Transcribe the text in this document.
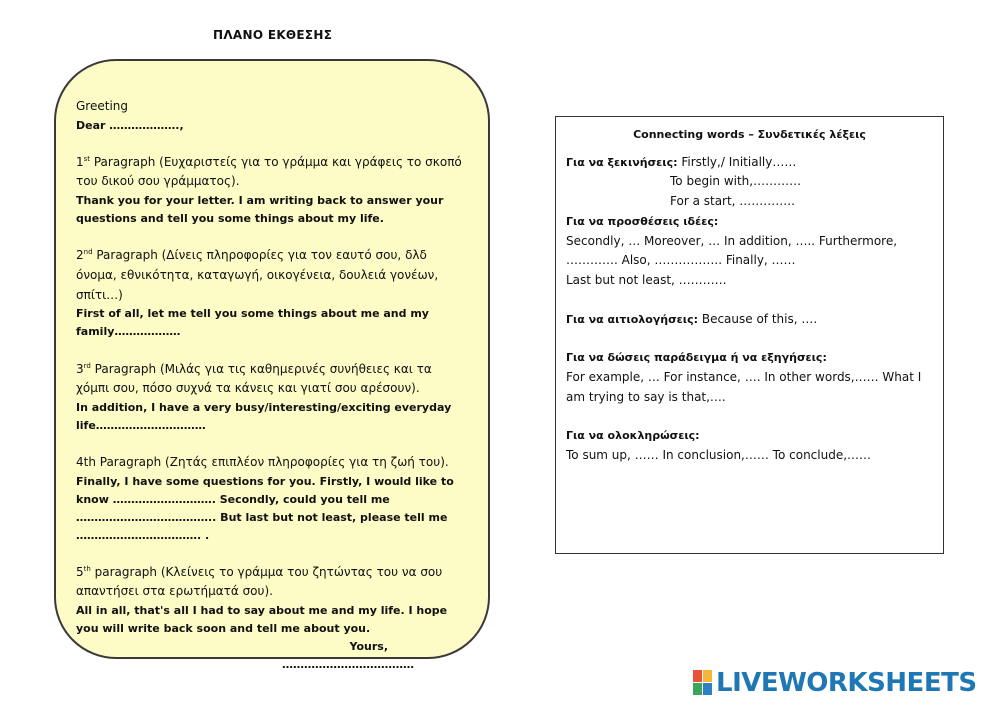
ΠΛΑΝΟ ΕΚΘΕΣΗΣ

Greeting

Dear ……………….,

1st Paragraph (Ευχαριστείς για το γράμμα και γράφεις το σκοπό του δικού σου γράμματος).

Thank you for your letter. I am writing back to answer your questions and tell you some things about my life.

2nd Paragraph (Δίνεις πληροφορίες για τον εαυτό σου, δλδ όνομα, εθνικότητα, καταγωγή, οικογένεια, δουλειά γονέων, σπίτι…)

First of all, let me tell you some things about me and my family………………

3rd Paragraph (Μιλάς για τις καθημερινές συνήθειες και τα χόμπι σου, πόσο συχνά τα κάνεις και γιατί σου αρέσουν).

In addition, I have a very busy/interesting/exciting everyday life…………………………

4th Paragraph (Ζητάς επιπλέον πληροφορίες για τη ζωή του).

Finally, I have some questions for you. Firstly, I would like to

know ………………………. Secondly, could you tell me

……………………………….. But last but not least, please tell me

……………………………. .

5th paragraph (Κλείνεις το γράμμα του ζητώντας του να σου απαντήσει στα ερωτήματά σου).

All in all, that's all I had to say about me and my life. I hope you will write back soon and tell me about you.

Yours,

………………………………

Connecting words – Συνδετικές λέξεις

Για να ξεκινήσεις: Firstly,/ Initially……

To begin with,…………

For a start, …………..

Για να προσθέσεις ιδέες:

Secondly, … Moreover, … In addition, ….. Furthermore,

…………. Also, …………….. Finally, ……

Last but not least, …………

Για να αιτιολογήσεις: Because of this, ….

Για να δώσεις παράδειγμα ή να εξηγήσεις:

For example, … For instance, …. In other words,…… What I

am trying to say is that,….

Για να ολοκληρώσεις:

To sum up, …… In conclusion,…… To conclude,……

LIVEWORKSHEETS
